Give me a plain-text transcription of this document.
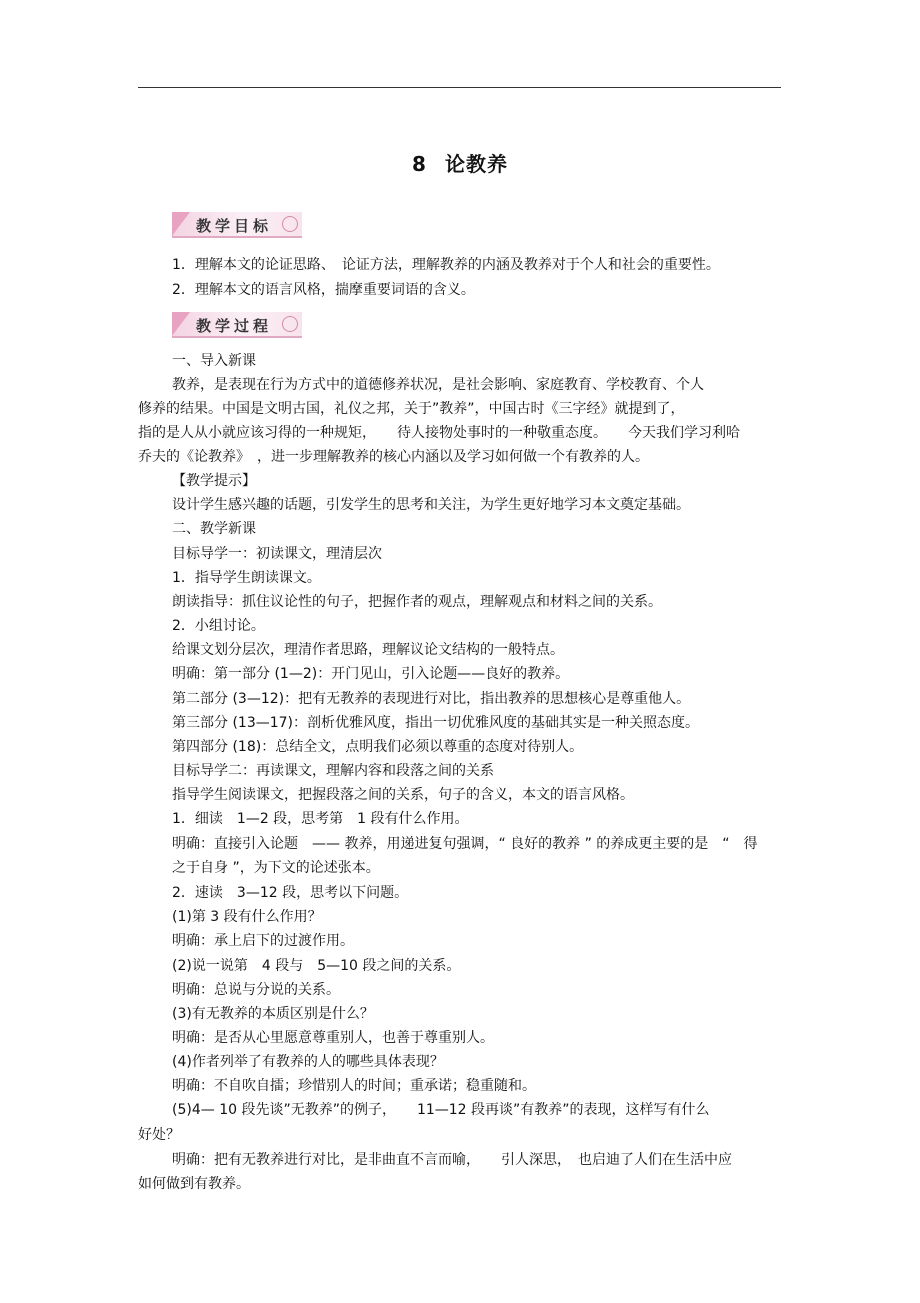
8 论教养
教学目标
1．理解本文的论证思路、　论证方法，理解教养的内涵及教养对于个人和社会的重要性。
2．理解本文的语言风格，揣摩重要词语的含义。
教学过程
一、导入新课
教养，是表现在行为方式中的道德修养状况，是社会影响、家庭教育、学校教育、个人
修养的结果。中国是文明古国，礼仪之邦，关于”教养”，中国古时《三字经》就提到了，
指的是人从小就应该习得的一种规矩，　　待人接物处事时的一种敬重态度。　　今天我们学习利哈
乔夫的《论教养》　，进一步理解教养的核心内涵以及学习如何做一个有教养的人。
【教学提示】
设计学生感兴趣的话题，引发学生的思考和关注，为学生更好地学习本文奠定基础。
二、教学新课
目标导学一：初读课文，理清层次
1．指导学生朗读课文。
朗读指导：抓住议论性的句子，把握作者的观点，理解观点和材料之间的关系。
2．小组讨论。
给课文划分层次，理清作者思路，理解议论文结构的一般特点。
明确：第一部分 (1—2)：开门见山，引入论题——良好的教养。
第二部分 (3—12)：把有无教养的表现进行对比，指出教养的思想核心是尊重他人。
第三部分 (13—17)：剖析优雅风度，指出一切优雅风度的基础其实是一种关照态度。
第四部分 (18)：总结全文，点明我们必须以尊重的态度对待别人。
目标导学二：再读课文，理解内容和段落之间的关系
指导学生阅读课文，把握段落之间的关系，句子的含义，本文的语言风格。
1．细读　1—2 段，思考第　1 段有什么作用。
明确：直接引入论题　—— 教养，用递进复句强调，“ 良好的教养 ” 的养成更主要的是　“　得
之于自身 ”，为下文的论述张本。
2．速读　3—12 段，思考以下问题。
(1)第 3 段有什么作用？
明确：承上启下的过渡作用。
(2)说一说第　4 段与　5—10 段之间的关系。
明确：总说与分说的关系。
(3)有无教养的本质区别是什么？
明确：是否从心里愿意尊重别人，也善于尊重别人。
(4)作者列举了有教养的人的哪些具体表现？
明确：不自吹自擂；珍惜别人的时间；重承诺；稳重随和。
(5)4— 10 段先谈”无教养”的例子，　　11—12 段再谈”有教养”的表现，这样写有什么
好处？
明确：把有无教养进行对比，是非曲直不言而喻，　　引人深思，　也启迪了人们在生活中应
如何做到有教养。
